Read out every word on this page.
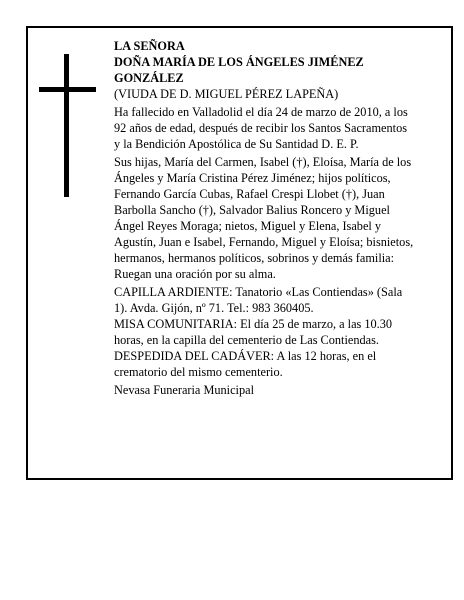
LA SEÑORA

DOÑA MARÍA DE LOS ÁNGELES JIMÉNEZ GONZÁLEZ

(VIUDA DE D. MIGUEL PÉREZ LAPEÑA)

Ha fallecido en Valladolid el día 24 de marzo de 2010, a los 92 años de edad, después de recibir los Santos Sacramentos y la Bendición Apostólica de Su Santidad D. E. P.

Sus hijas, María del Carmen, Isabel (†), Eloísa, María de los Ángeles y María Cristina Pérez Jiménez; hijos políticos, Fernando García Cubas, Rafael Crespi Llobet (†), Juan Barbolla Sancho (†), Salvador Balius Roncero y Miguel Ángel Reyes Moraga; nietos, Miguel y Elena, Isabel y Agustín, Juan e Isabel, Fernando, Miguel y Eloísa; bisnietos, hermanos, hermanos políticos, sobrinos y demás familia:

Ruegan una oración por su alma.

CAPILLA ARDIENTE: Tanatorio «Las Contiendas» (Sala 1). Avda. Gijón, nº 71. Tel.: 983 360405.

MISA COMUNITARIA: El día 25 de marzo, a las 10.30 horas, en la capilla del cementerio de Las Contiendas.

DESPEDIDA DEL CADÁVER: A las 12 horas, en el crematorio del mismo cementerio.

Nevasa Funeraria Municipal
